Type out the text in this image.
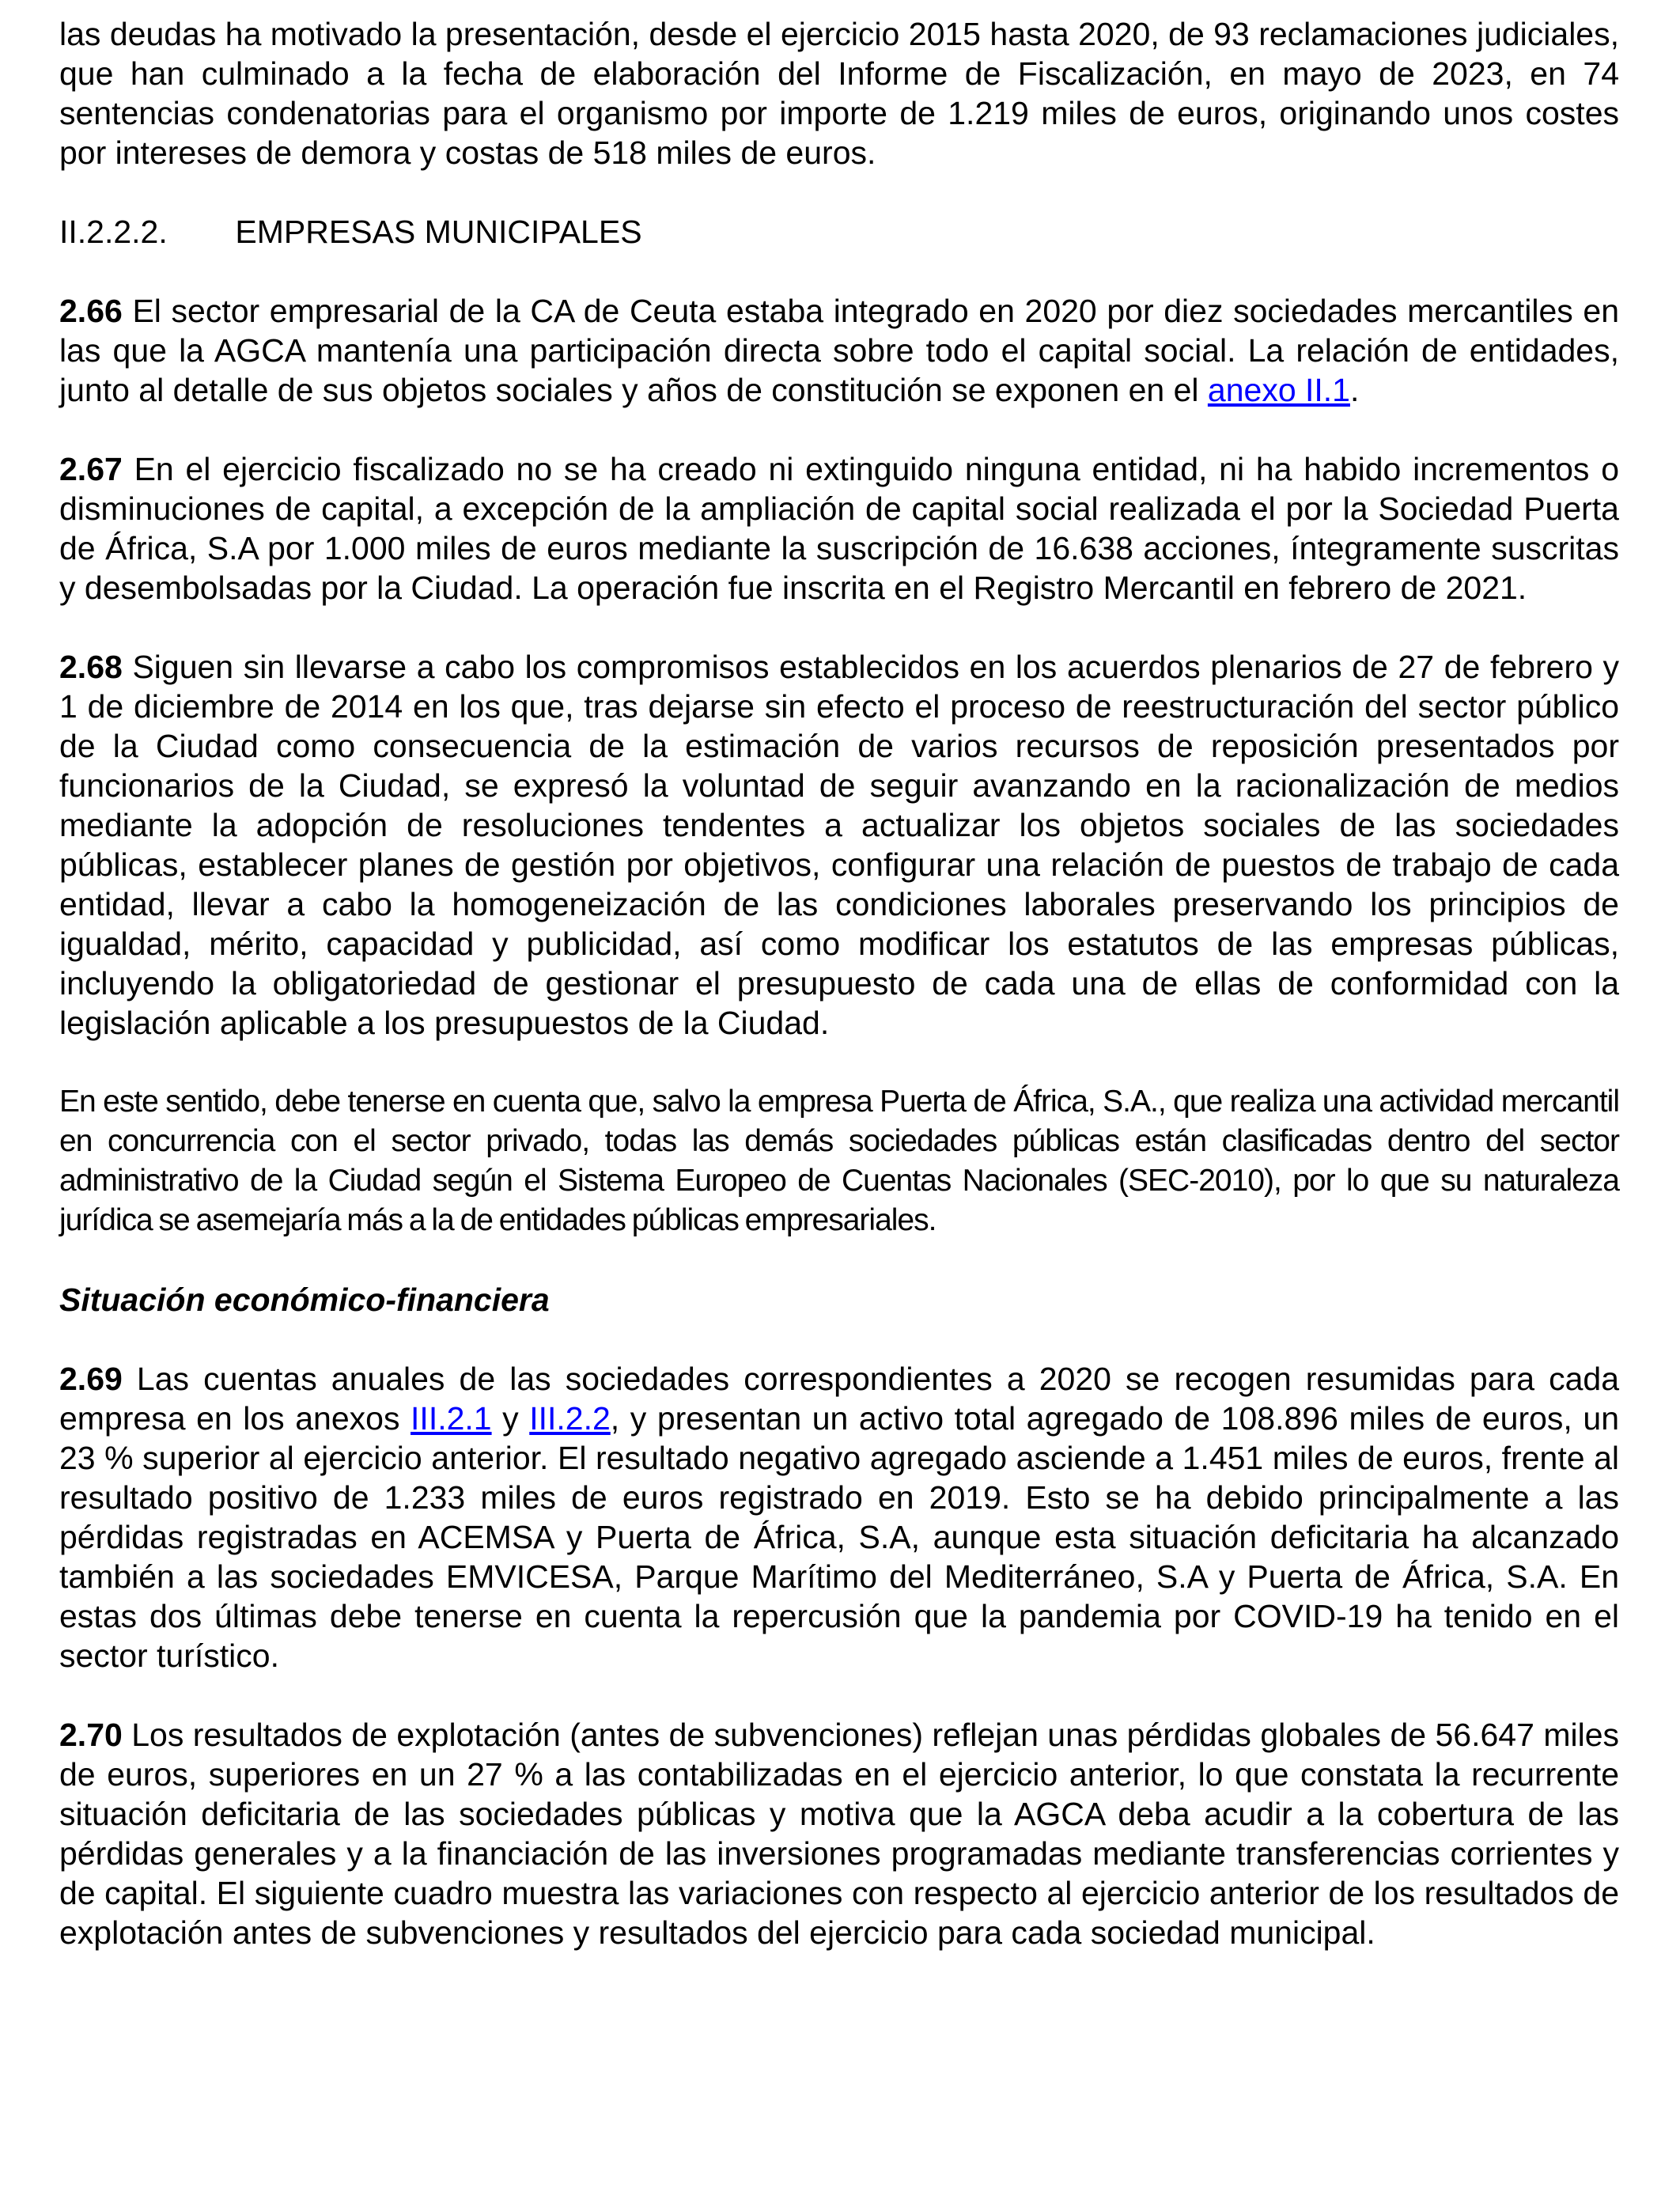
las deudas ha motivado la presentación, desde el ejercicio 2015 hasta 2020, de 93 reclamaciones judiciales, que han culminado a la fecha de elaboración del Informe de Fiscalización, en mayo de 2023, en 74 sentencias condenatorias para el organismo por importe de 1.219 miles de euros, originando unos costes por intereses de demora y costas de 518 miles de euros.

II.2.2.2. EMPRESAS MUNICIPALES

2.66 El sector empresarial de la CA de Ceuta estaba integrado en 2020 por diez sociedades mercantiles en las que la AGCA mantenía una participación directa sobre todo el capital social. La relación de entidades, junto al detalle de sus objetos sociales y años de constitución se exponen en el anexo II.1.

2.67 En el ejercicio fiscalizado no se ha creado ni extinguido ninguna entidad, ni ha habido incrementos o disminuciones de capital, a excepción de la ampliación de capital social realizada el por la Sociedad Puerta de África, S.A por 1.000 miles de euros mediante la suscripción de 16.638 acciones, íntegramente suscritas y desembolsadas por la Ciudad. La operación fue inscrita en el Registro Mercantil en febrero de 2021.

2.68 Siguen sin llevarse a cabo los compromisos establecidos en los acuerdos plenarios de 27 de febrero y 1 de diciembre de 2014 en los que, tras dejarse sin efecto el proceso de reestructuración del sector público de la Ciudad como consecuencia de la estimación de varios recursos de reposición presentados por funcionarios de la Ciudad, se expresó la voluntad de seguir avanzando en la racionalización de medios mediante la adopción de resoluciones tendentes a actualizar los objetos sociales de las sociedades públicas, establecer planes de gestión por objetivos, configurar una relación de puestos de trabajo de cada entidad, llevar a cabo la homogeneización de las condiciones laborales preservando los principios de igualdad, mérito, capacidad y publicidad, así como modificar los estatutos de las empresas públicas, incluyendo la obligatoriedad de gestionar el presupuesto de cada una de ellas de conformidad con la legislación aplicable a los presupuestos de la Ciudad.

En este sentido, debe tenerse en cuenta que, salvo la empresa Puerta de África, S.A., que realiza una actividad mercantil en concurrencia con el sector privado, todas las demás sociedades públicas están clasificadas dentro del sector administrativo de la Ciudad según el Sistema Europeo de Cuentas Nacionales (SEC-2010), por lo que su naturaleza jurídica se asemejaría más a la de entidades públicas empresariales.

Situación económico-financiera

2.69 Las cuentas anuales de las sociedades correspondientes a 2020 se recogen resumidas para cada empresa en los anexos III.2.1 y III.2.2, y presentan un activo total agregado de 108.896 miles de euros, un 23 % superior al ejercicio anterior. El resultado negativo agregado asciende a 1.451 miles de euros, frente al resultado positivo de 1.233 miles de euros registrado en 2019. Esto se ha debido principalmente a las pérdidas registradas en ACEMSA y Puerta de África, S.A, aunque esta situación deficitaria ha alcanzado también a las sociedades EMVICESA, Parque Marítimo del Mediterráneo, S.A y Puerta de África, S.A. En estas dos últimas debe tenerse en cuenta la repercusión que la pandemia por COVID-19 ha tenido en el sector turístico.

2.70 Los resultados de explotación (antes de subvenciones) reflejan unas pérdidas globales de 56.647 miles de euros, superiores en un 27 % a las contabilizadas en el ejercicio anterior, lo que constata la recurrente situación deficitaria de las sociedades públicas y motiva que la AGCA deba acudir a la cobertura de las pérdidas generales y a la financiación de las inversiones programadas mediante transferencias corrientes y de capital. El siguiente cuadro muestra las variaciones con respecto al ejercicio anterior de los resultados de explotación antes de subvenciones y resultados del ejercicio para cada sociedad municipal.
